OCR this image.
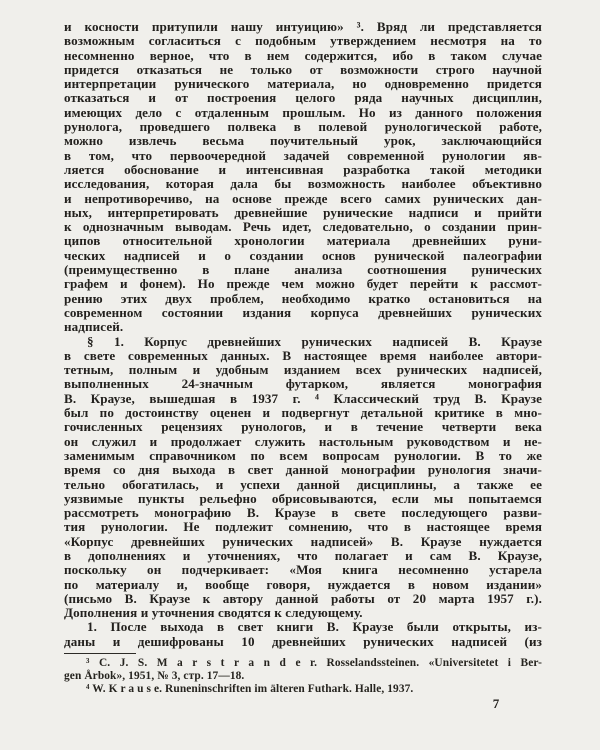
и косности притупили нашу интуицию» ³. Вряд ли представляется
возможным согласиться с подобным утверждением несмотря на то
несомненно верное, что в нем содержится, ибо в таком случае
придется отказаться не только от возможности строго научной
интерпретации рунического материала, но одновременно придется
отказаться и от построения целого ряда научных дисциплин,
имеющих дело с отдаленным прошлым. Но из данного положения
рунолога, проведшего полвека в полевой рунологической работе,
можно извлечь весьма поучительный урок, заключающийся
в том, что первоочередной задачей современной рунологии яв-
ляется обоснование и интенсивная разработка такой методики
исследования, которая дала бы возможность наиболее объективно
и непротиворечиво, на основе прежде всего самих рунических дан-
ных, интерпретировать древнейшие рунические надписи и прийти
к однозначным выводам. Речь идет, следовательно, о создании прин-
ципов относительной хронологии материала древнейших руни-
ческих надписей и о создании основ рунической палеографии
(преимущественно в плане анализа соотношения рунических
графем и фонем). Но прежде чем можно будет перейти к рассмот-
рению этих двух проблем, необходимо кратко остановиться на
современном состоянии издания корпуса древнейших рунических
надписей.
§ 1. Корпус древнейших рунических надписей В. Краузе
в свете современных данных. В настоящее время наиболее автори-
тетным, полным и удобным изданием всех рунических надписей,
выполненных 24-значным футарком, является монография
В. Краузе, вышедшая в 1937 г. ⁴ Классический труд В. Краузе
был по достоинству оценен и подвергнут детальной критике в мно-
гочисленных рецензиях рунологов, и в течение четверти века
он служил и продолжает служить настольным руководством и не-
заменимым справочником по всем вопросам рунологии. В то же
время со дня выхода в свет данной монографии рунология значи-
тельно обогатилась, и успехи данной дисциплины, а также ее
уязвимые пункты рельефно обрисовываются, если мы попытаемся
рассмотреть монографию В. Краузе в свете последующего разви-
тия рунологии. Не подлежит сомнению, что в настоящее время
«Корпус древнейших рунических надписей» В. Краузе нуждается
в дополнениях и уточнениях, что полагает и сам В. Краузе,
поскольку он подчеркивает: «Моя книга несомненно устарела
по материалу и, вообще говоря, нуждается в новом издании»
(письмо В. Краузе к автору данной работы от 20 марта 1957 г.).
Дополнения и уточнения сводятся к следующему.
1. После выхода в свет книги В. Краузе были открыты, из-
даны и дешифрованы 10 древнейших рунических надписей (из
³ C. J. S. M a r s t r a n d e r. Rosselandssteinen. «Universitetet i Ber-
gen Årbok», 1951, № 3, стр. 17—18.
⁴ W. K r a u s e. Runeninschriften im älteren Futhark. Halle, 1937.
7
